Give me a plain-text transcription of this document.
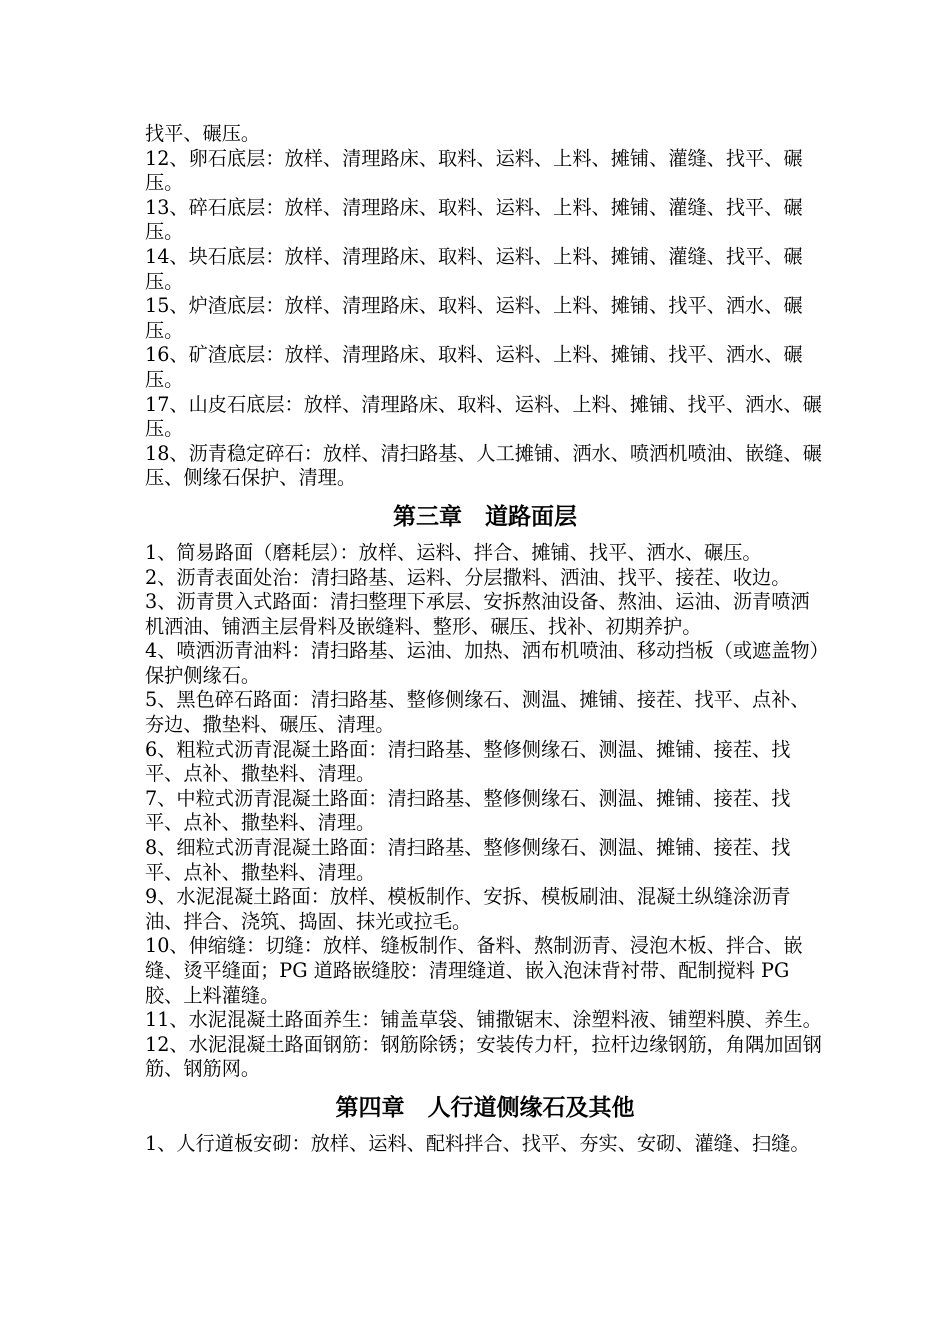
找平、碾压。

12、卵石底层：放样、清理路床、取料、运料、上料、摊铺、灌缝、找平、碾压。

13、碎石底层：放样、清理路床、取料、运料、上料、摊铺、灌缝、找平、碾压。

14、块石底层：放样、清理路床、取料、运料、上料、摊铺、灌缝、找平、碾压。

15、炉渣底层：放样、清理路床、取料、运料、上料、摊铺、找平、洒水、碾压。

16、矿渣底层：放样、清理路床、取料、运料、上料、摊铺、找平、洒水、碾压。

17、山皮石底层：放样、清理路床、取料、运料、上料、摊铺、找平、洒水、碾压。

18、沥青稳定碎石：放样、清扫路基、人工摊铺、洒水、喷洒机喷油、嵌缝、碾压、侧缘石保护、清理。

第三章　道路面层

1、简易路面（磨耗层）：放样、运料、拌合、摊铺、找平、洒水、碾压。

2、沥青表面处治：清扫路基、运料、分层撒料、洒油、找平、接茬、收边。

3、沥青贯入式路面：清扫整理下承层、安拆熬油设备、熬油、运油、沥青喷洒机洒油、铺洒主层骨料及嵌缝料、整形、碾压、找补、初期养护。

4、喷洒沥青油料：清扫路基、运油、加热、洒布机喷油、移动挡板（或遮盖物）保护侧缘石。

5、黑色碎石路面：清扫路基、整修侧缘石、测温、摊铺、接茬、找平、点补、夯边、撒垫料、碾压、清理。

6、粗粒式沥青混凝土路面：清扫路基、整修侧缘石、测温、摊铺、接茬、找平、点补、撒垫料、清理。

7、中粒式沥青混凝土路面：清扫路基、整修侧缘石、测温、摊铺、接茬、找平、点补、撒垫料、清理。

8、细粒式沥青混凝土路面：清扫路基、整修侧缘石、测温、摊铺、接茬、找平、点补、撒垫料、清理。

9、水泥混凝土路面：放样、模板制作、安拆、模板刷油、混凝土纵缝涂沥青油、拌合、浇筑、捣固、抹光或拉毛。

10、伸缩缝：切缝：放样、缝板制作、备料、熬制沥青、浸泡木板、拌合、嵌缝、烫平缝面；PG 道路嵌缝胶：清理缝道、嵌入泡沫背衬带、配制搅料 PG 胶、上料灌缝。

11、水泥混凝土路面养生：铺盖草袋、铺撒锯末、涂塑料液、铺塑料膜、养生。

12、水泥混凝土路面钢筋：钢筋除锈；安装传力杆，拉杆边缘钢筋，角隅加固钢筋、钢筋网。

第四章　人行道侧缘石及其他

1、人行道板安砌：放样、运料、配料拌合、找平、夯实、安砌、灌缝、扫缝。
